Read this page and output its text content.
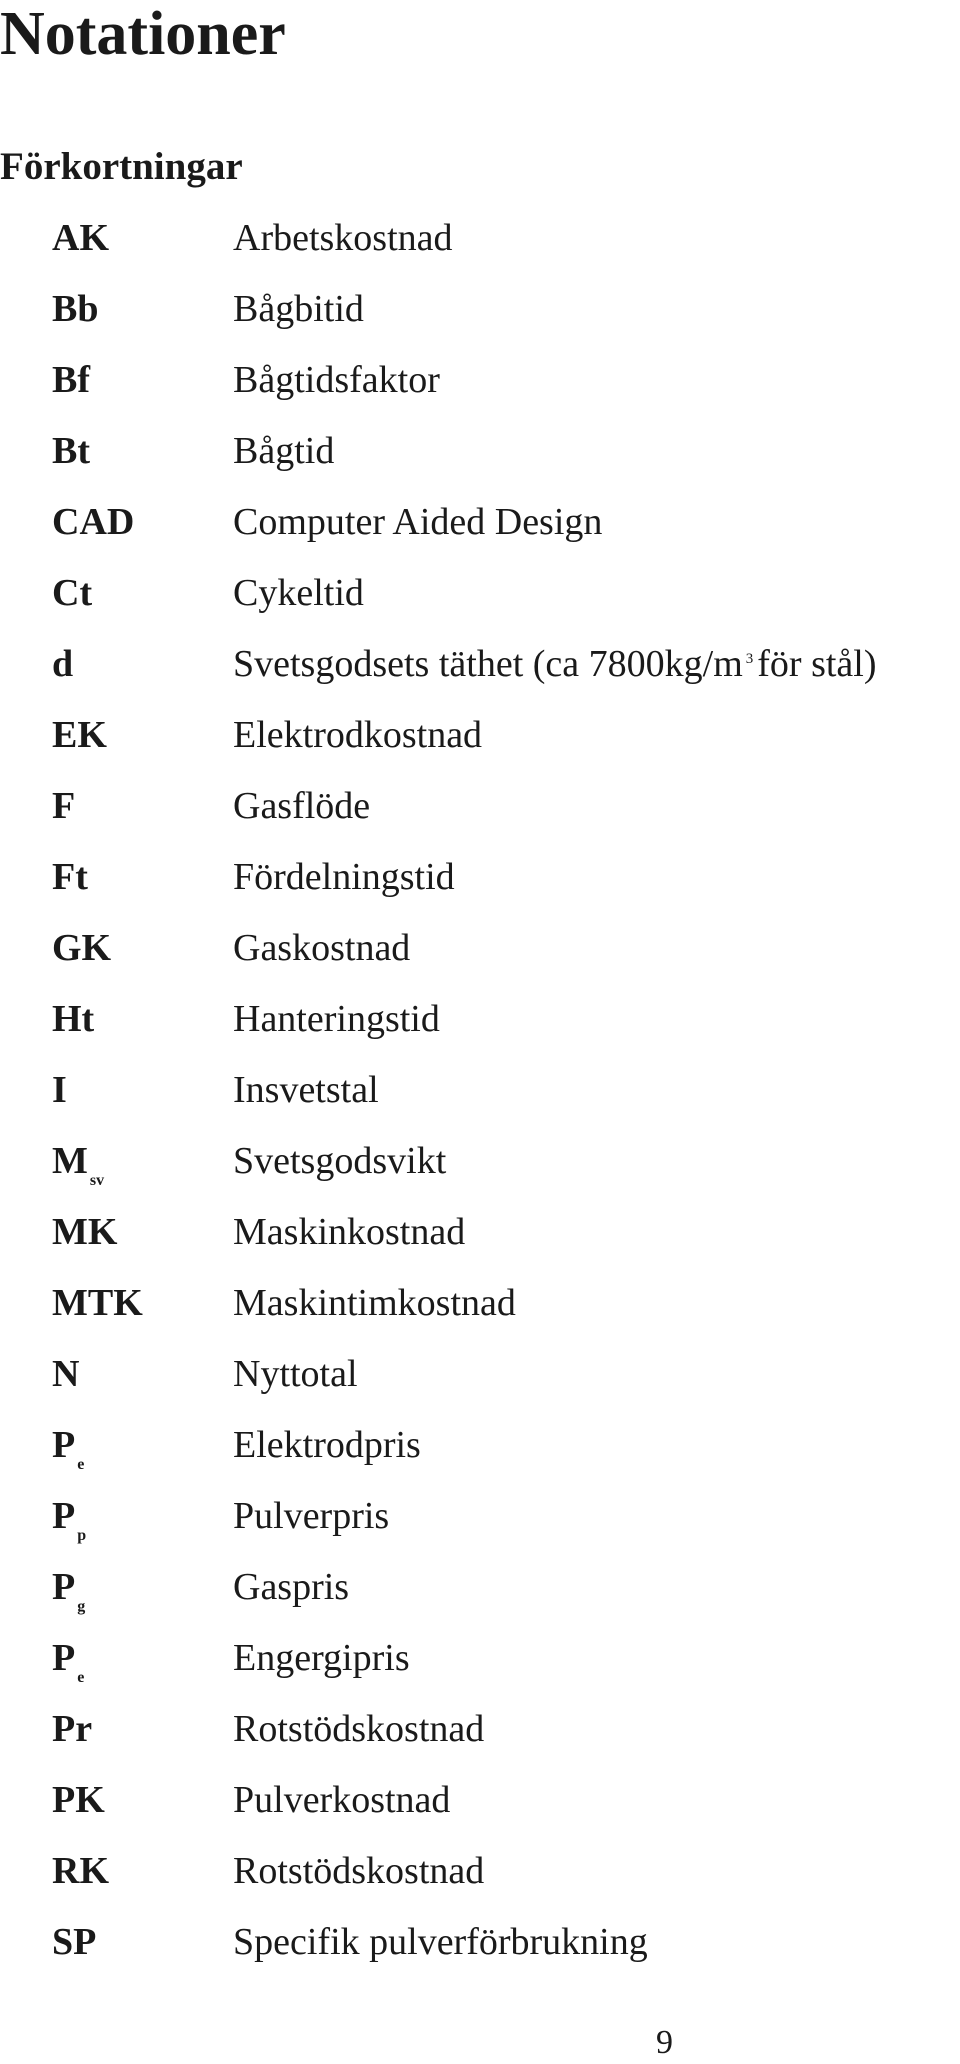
Notationer
Förkortningar
AK	Arbetskostnad
Bb	Bågbitid
Bf	Bågtidsfaktor
Bt	Bågtid
CAD	Computer Aided Design
Ct	Cykeltid
d	Svetsgodsets täthet (ca 7800kg/m $^3$ för stål)
EK	Elektrodkostnad
F	Gasflöde
Ft	Fördelningstid
GK	Gaskostnad
Ht	Hanteringstid
I	Insvetstal
M $_{sv}$	Svetsgodsvikt
MK	Maskinkostnad
MTK Maskintimkostnad
N	Nyttotal
P $_e$	Elektrodpris
P $_p$	Pulverpris
P $_g$	Gaspris
P $_e$	Engergipris
Pr	Rotstödskostnad
PK	Pulverkostnad
RK	Rotstödskostnad
SP	Specifik pulverförbrukning
9
